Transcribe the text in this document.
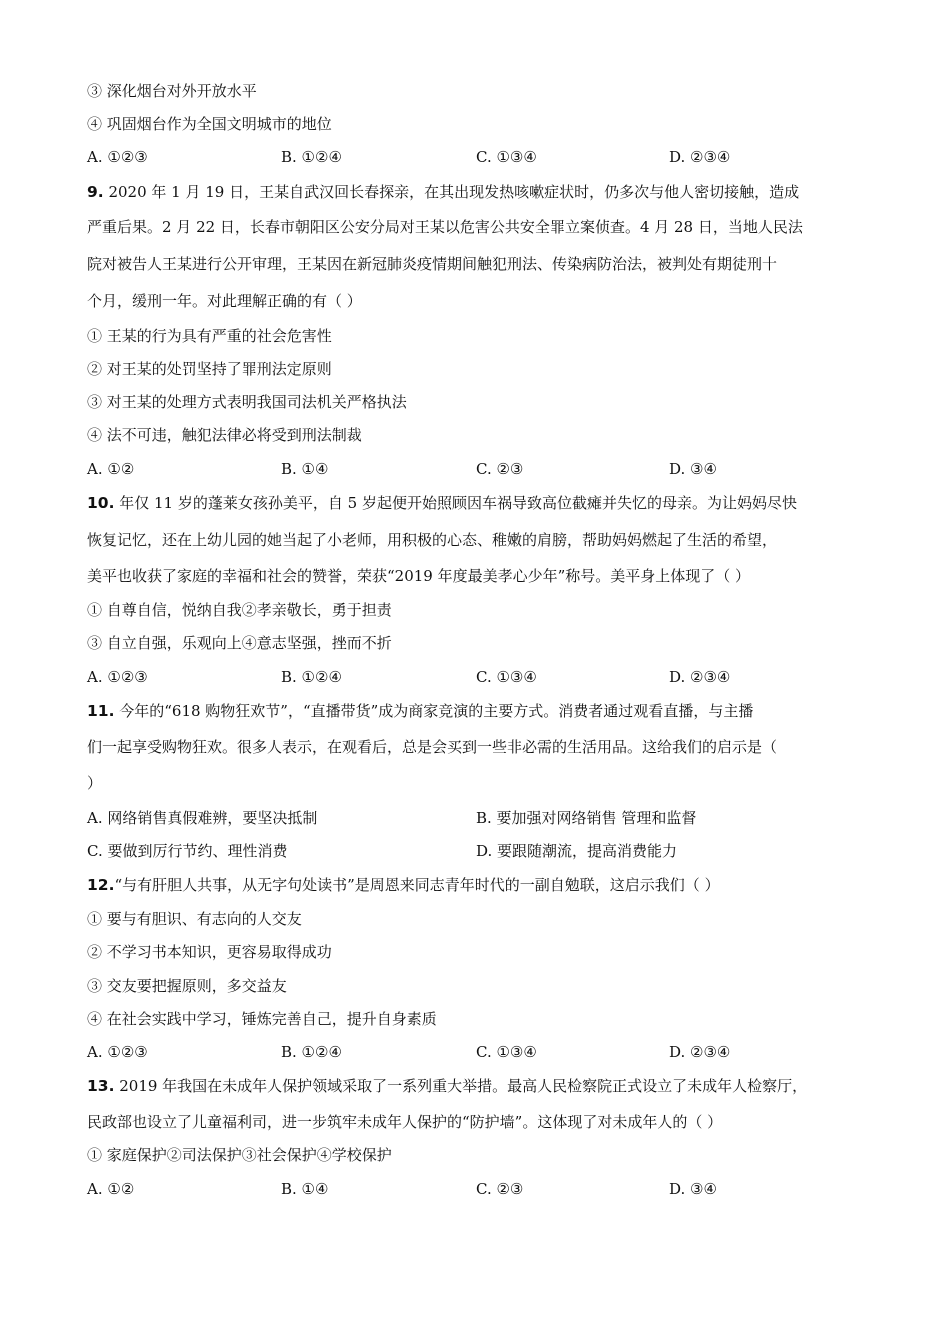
③ 深化烟台对外开放水平
④ 巩固烟台作为全国文明城市的地位
A. ①②③	B. ①②④	C. ①③④	D. ②③④
9. 2020 年 1 月 19 日，王某自武汉回长春探亲，在其出现发热咳嗽症状时，仍多次与他人密切接触，造成
严重后果。2 月 22 日，长春市朝阳区公安分局对王某以危害公共安全罪立案侦查。4 月 28 日，当地人民法
院对被告人王某进行公开审理，王某因在新冠肺炎疫情期间触犯刑法、传染病防治法，被判处有期徒刑十
个月，缓刑一年。对此理解正确的有（ ）
① 王某的行为具有严重的社会危害性
② 对王某的处罚坚持了罪刑法定原则
③ 对王某的处理方式表明我国司法机关严格执法
④ 法不可违，触犯法律必将受到刑法制裁
A. ①②	B. ①④	C. ②③	D. ③④
10. 年仅 11 岁的蓬莱女孩孙美平，自 5 岁起便开始照顾因车祸导致高位截瘫并失忆的母亲。为让妈妈尽快
恢复记忆，还在上幼儿园的她当起了小老师，用积极的心态、稚嫩的肩膀，帮助妈妈燃起了生活的希望，
美平也收获了家庭的幸福和社会的赞誉，荣获“2019 年度最美孝心少年”称号。美平身上体现了（ ）
① 自尊自信，悦纳自我②孝亲敬长，勇于担责
③ 自立自强，乐观向上④意志坚强，挫而不折
A. ①②③	B. ①②④	C. ①③④	D. ②③④
11. 今年的“618 购物狂欢节”，“直播带货”成为商家竞演的主要方式。消费者通过观看直播，与主播
们一起享受购物狂欢。很多人表示，在观看后，总是会买到一些非必需的生活用品。这给我们的启示是（
）
A. 网络销售真假难辨，要坚决抵制	B. 要加强对网络销售 管理和监督
C. 要做到厉行节约、理性消费	D. 要跟随潮流，提高消费能力
12.“与有肝胆人共事，从无字句处读书”是周恩来同志青年时代的一副自勉联，这启示我们（ ）
① 要与有胆识、有志向的人交友
② 不学习书本知识，更容易取得成功
③ 交友要把握原则，多交益友
④ 在社会实践中学习，锤炼完善自己，提升自身素质
A. ①②③	B. ①②④	C. ①③④	D. ②③④
13. 2019 年我国在未成年人保护领域采取了一系列重大举措。最高人民检察院正式设立了未成年人检察厅，
民政部也设立了儿童福利司，进一步筑牢未成年人保护的“防护墙”。这体现了对未成年人的（ ）
① 家庭保护②司法保护③社会保护④学校保护
A. ①②	B. ①④	C. ②③	D. ③④
